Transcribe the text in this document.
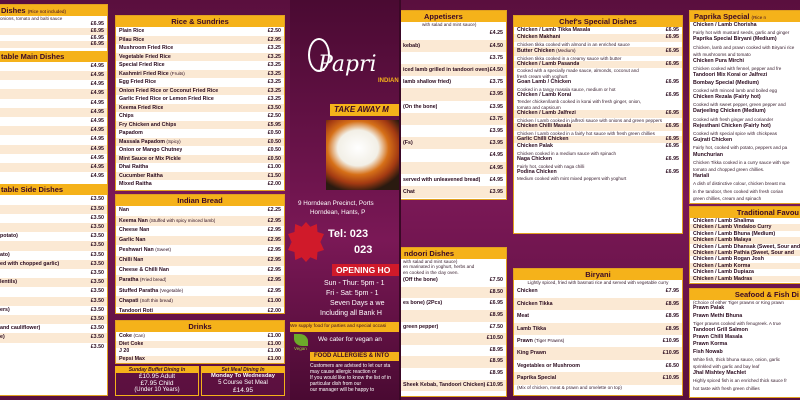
Dishes (Rice not included)
onions, tomato and balti sauce
£6.95
£6.95
£6.95
£6.95
table Main Dishes
£4.95
£4.95
£4.95
£4.95
£4.95
£4.95
£4.95
£4.95
£4.95
£4.95
£4.95
£4.95
£4.95
table Side Dishes
£3.50
£3.50
£3.50
£3.50
potato)	£3.50
£3.50
ato)	£3.50
ed with chopped garlic)	£3.50
£3.50
lentils)	£3.50
£3.50
£3.50
ers)	£3.50
£3.50
and cauliflower)	£3.50
e)	£3.50
£3.50
Rice & Sundries
Plain Rice	£2.50
Pilau Rice	£2.95
Mushroom Fried Rice	£3.25
Vegetable Fried Rice	£3.25
Special Fried Rice	£3.25
Kashmiri Fried Rice (Fruits)	£3.25
Egg Fried Rice	£3.25
Onion Fried Rice or Coconut Fried Rice	£3.25
Garlic Fried Rice or Lemon Fried Rice	£3.25
Keema Fried Rice	£3.50
Chips	£2.50
Fry Chicken and Chips	£5.95
Papadom	£0.50
Massala Papadom (Spicy)	£0.50
Onion or Mango Chutney	£0.50
Mint Sauce or Mix Pickle	£0.50
Dhai Raitha	£1.00
Cucumber Raitha	£1.50
Mixed Raitha	£2.00
Indian Bread
Nan	£2.25
Keema Nan (Stuffed with spicy minced lamb)	£2.95
Cheese Nan	£2.95
Garlic Nan	£2.95
Peshwari Nan (Sweet)	£2.95
Chilli Nan	£2.95
Cheese & Chilli Nan	£2.95
Paratha (Fried bread)	£2.95
Stuffed Paratha (Vegetable)	£2.95
Chapati (Soft thin bread)	£1.00
Tandoori Roti	£2.00
Drinks
Coke (Can)	£1.00
Diet Coke	£1.00
J 20	£1.00
Pepsi Max	£1.00
Sunday Buffet Dining In
£10.95 Adult
£7.95 Child
(Under 10 Years)
Set Meal Dining In
Monday To Wednesday
5 Course Set Meal
£14.95
Papri
INDIAN
TAKE AWAY M
9 Horndean Precinct, Ports
Horndean, Hants, P
Tel: 023
023
OPENING HO
Sun - Thur: 5pm - 1
Fri - Sat: 5pm - 1
Seven Days a we
Including all Bank H
We supply food for parties and special occasi
Vegan
We cater for vegan an
FOOD ALLERGIES & INTO
Customers are advised to let our sta
may cause allergic reaction or
If you would like to know the list of in
particular dish from our
our manager will be happy to
Appetisers
with salad and mint sauce)
£4.25
kebab)	£4.50
£3.75
iced lamb grilled in tandoori oven) £4.50
lamb shallow fried)	£3.75
£3.95
(On the bone)	£3.95
£3.75
£3.95
(Fs)	£3.95
£4.95
£4.95
served with unleavened bread) £4.95
Chat	£3.95
ndoori Dishes
with salad and mint sauce)
en marinated in yoghurt, herbs and
en cooked in the clay oven.
(Off the bone)	£7.50
£8.50
es bone) (2Pcs)	£6.95
£8.95
green pepper)	£7.50
£10.50
£8.95
£8.95
£8.95
Sheek Kebab, Tandoori Chicken) £10.95
Chef's Special Dishes
Chicken / Lamb Tikka Masala	£6.95
Chicken Makhani	£6.95
Chicken tikka cooked with almond in an enriched sauce
Butter Chicken (Medium)	£6.95
Chicken tikka cooked in a creamy sauce with butter
Chicken / Lamb Pasanda	£6.95
Cooked with a specially made sauce, almonds, coconut and
fresh cream with yoghurt
Goan Lamb / Chicken	£6.95
Cooked in a tangy masala sauce, medium or hot
Chicken / Lamb Korai	£6.95
Tender chicken/lamb cooked in korai with fresh ginger, onion,
tomato and capsicum
Chicken / Lamb Jalfrezi	£6.95
Chicken / Lamb cooked in jalfrezi sauce with onions and green peppers
Chicken Chilli Masala	£6.95
Chicken / Lamb cooked in a fairly hot sauce with fresh green chillies
Garlic Chilli Chicken	£6.95
Chicken Palak	£6.95
Chicken cooked in a medium sauce with spinach
Naga Chicken	£6.95
Fairly hot, cooked with naga chilli
Podina Chicken	£6.95
Medium cooked with mint mixed peppers with yoghurt
Biryani
Lightly spiced, fried with basmati rice and served with vegetable curry
Chicken	£7.95
Chicken Tikka	£8.95
Meat	£8.95
Lamb Tikka	£8.95
Prawn (Tiger Prawns)	£10.95
King Prawn	£10.95
Vegetables or Mushroom	£6.50
Paprika Special	£10.95
(Mix of chicken, meat & prawn and omelette on top)
Paprika Special (Rice n
Chicken / Lamb Chorisha
Fairly hot with mustard seeds, garlic and ginger
Paprika Special Biryani (Medium)
Chicken, lamb and prawn cooked with Biryani rice
with mushrooms and tomato
Chicken Pura Mirchi
Chicken cooked with fennel, pepper and fre
Tandoori Mix Korai or Jalfrezi
Bombay Special (Medium)
Cooked with minced lamb and boiled egg
Chicken Rezala (Fairly hot)
Cooked with sweet pepper, green pepper and
Darjeeling Chicken (Medium)
Cooked with fresh ginger and coriander
Rejesthani Chicken (Fairly hot)
Cooked with special spice with chickpeas
Gujrati Chicken
Fairly hot, cooked with potato, peppers and pa
Munchurian
Chicken Tikka cooked in a curry sauce with spe
tomato and chopped green chillies.
Hariali
A dish of distinctive colour, chicken breast ma
in the tandoor, then cooked with fresh corian
green chillies, cream and spinach
Traditional Favou
Chicken / Lamb Shalima
Chicken / Lamb Vindaloo Curry
Chicken / Lamb Bhuna (Medium)
Chicken / Lamb Malaya
Chicken / Lamb Dhansak (Sweet, Sour and
Chicken / Lamb Pathia (Sweet, Sour and
Chicken / Lamb Rogan Josh
Chicken / Lamb Korma
Chicken / Lamb Dupiaza
Chicken / Lamb Madras
Seafood & Fish Di
(Choice of either Tiger prawns or King prawn
Prawn Palak
Prawn Methi Bhuna
Tiger prawns cooked with fenugreek. A true
Tandoori Grill Salmon
Prawn Chilli Masala
Prawn Korma
Fish Nowab
White fish, thick bhuna sauce, onion, garlic
sprinkled with garlic and bay leaf
Jhal Mishtey Machlet
Highly spiced fish is an enriched thick sauce fr
hot taste with fresh green chillies
